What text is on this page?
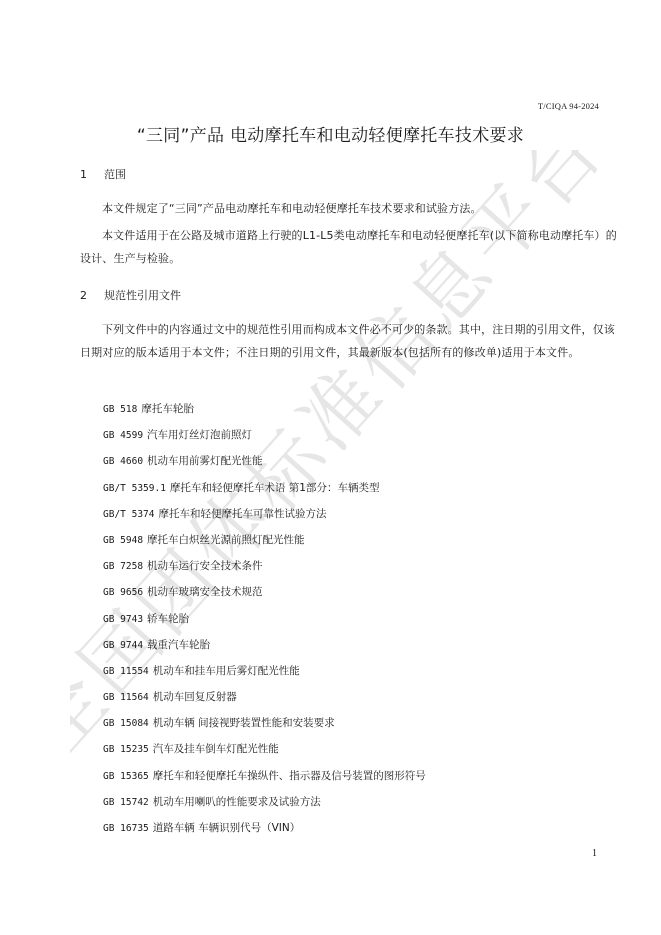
全国团体标准信息平台
T/CIQA 94-2024
“三同”产品 电动摩托车和电动轻便摩托车技术要求
1 范围
本文件规定了“三同”产品电动摩托车和电动轻便摩托车技术要求和试验方法。
本文件适用于在公路及城市道路上行驶的L1-L5类电动摩托车和电动轻便摩托车(以下简称电动摩托车）的设计、生产与检验。
2 规范性引用文件
下列文件中的内容通过文中的规范性引用而构成本文件必不可少的条款。其中，注日期的引用文件，仅该日期对应的版本适用于本文件；不注日期的引用文件，其最新版本(包括所有的修改单)适用于本文件。
GB 518 摩托车轮胎
GB 4599 汽车用灯丝灯泡前照灯
GB 4660 机动车用前雾灯配光性能
GB/T 5359.1 摩托车和轻便摩托车术语 第1部分：车辆类型
GB/T 5374 摩托车和轻便摩托车可靠性试验方法
GB 5948 摩托车白炽丝光源前照灯配光性能
GB 7258 机动车运行安全技术条件
GB 9656 机动车玻璃安全技术规范
GB 9743 轿车轮胎
GB 9744 载重汽车轮胎
GB 11554 机动车和挂车用后雾灯配光性能
GB 11564 机动车回复反射器
GB 15084 机动车辆 间接视野装置性能和安装要求
GB 15235 汽车及挂车倒车灯配光性能
GB 15365 摩托车和轻便摩托车操纵件、指示器及信号装置的图形符号
GB 15742 机动车用喇叭的性能要求及试验方法
GB 16735 道路车辆 车辆识别代号（VIN）
1
